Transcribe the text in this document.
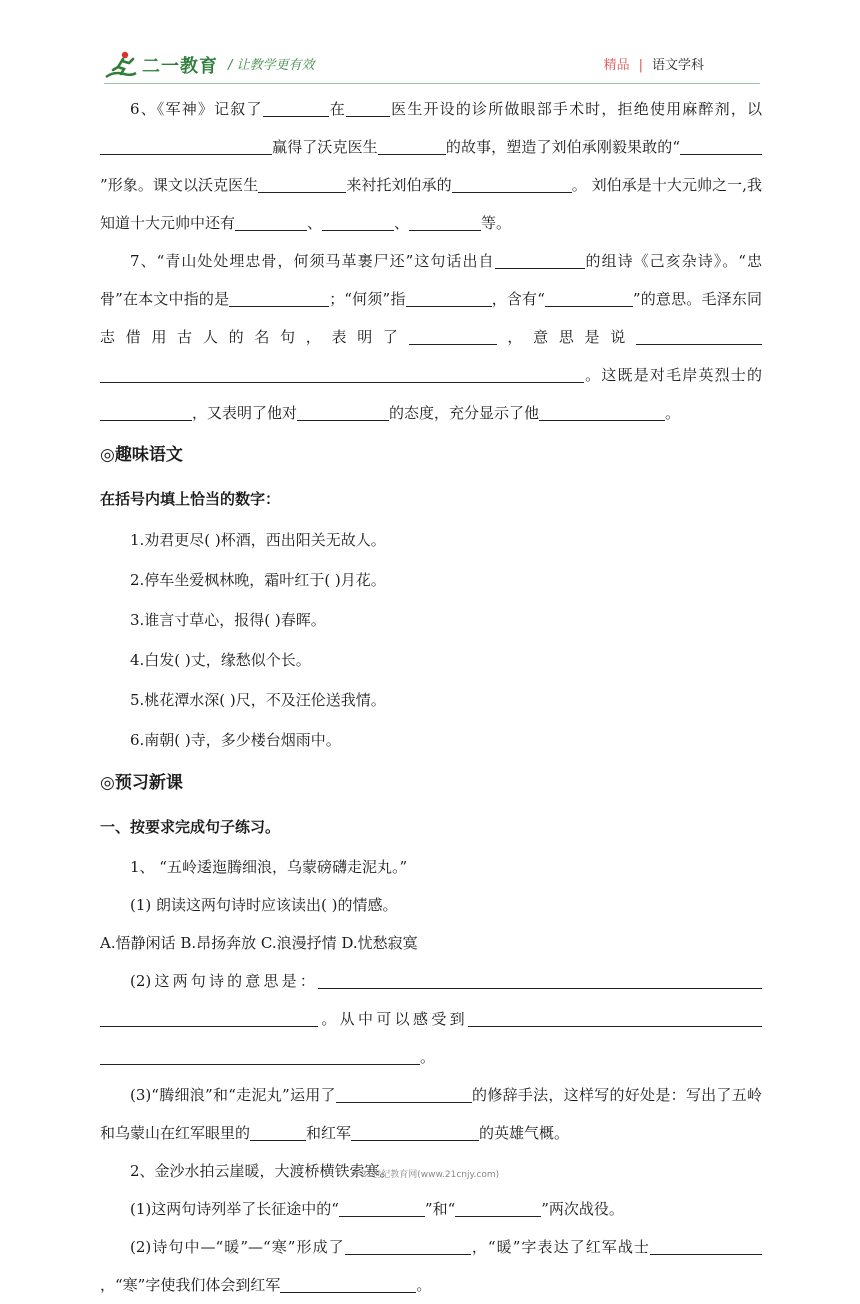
二一教育 / 让教学更有效	精品 | 语文学科

6、《军神》记叙了	在	医生开设的诊所做眼部手术时，拒绝使用麻醉剂，以赢得了沃克医生	的故事，塑造了刘伯承刚毅果敢的“”形象。课文以沃克医生	来衬托刘伯承的	。 刘伯承是十大元帅之一,我知道十大元帅中还有	、	、	等。

7、“青山处处埋忠骨，何须马革裹尸还”这句话出自	的组诗《己亥杂诗》。“忠骨”在本文中指的是	；“何须”指	，含有“	”的意思。毛泽东同志借用古人的名句，表明了	，意思是说。这既是对毛岸英烈士的，又表明了他对	的态度，充分显示了他	。

◎趣味语文

在括号内填上恰当的数字：

1.劝君更尽( )杯酒，西出阳关无故人。

2.停车坐爱枫林晚，霜叶红于( )月花。

3.谁言寸草心，报得( )春晖。

4.白发( )丈，缘愁似个长。

5.桃花潭水深( )尺，不及汪伦送我情。

6.南朝( )寺，多少楼台烟雨中。

◎预习新课

一、按要求完成句子练习。

1、 “五岭逶迤腾细浪，乌蒙磅礴走泥丸。”

(1) 朗读这两句诗时应该读出( )的情感。

A.悟静闲话 B.昂扬奔放 C.浪漫抒情 D.忧愁寂寞

(2)这两句诗的意思是：。从中可以感受到。

(3)“腾细浪”和“走泥丸”运用了	的修辞手法，这样写的好处是：写出了五岭和乌蒙山在红军眼里的	和红军	的英雄气概。

2、金沙水拍云崖暖，大渡桥横铁索寒。

(1)这两句诗列举了长征途中的“	”和“	”两次战役。

(2)诗句中—“暖”—“寒”形成了	，“暖”字表达了红军战士，“寒”字使我们体会到红军	。

21世纪教育网(www.21cnjy.com)
